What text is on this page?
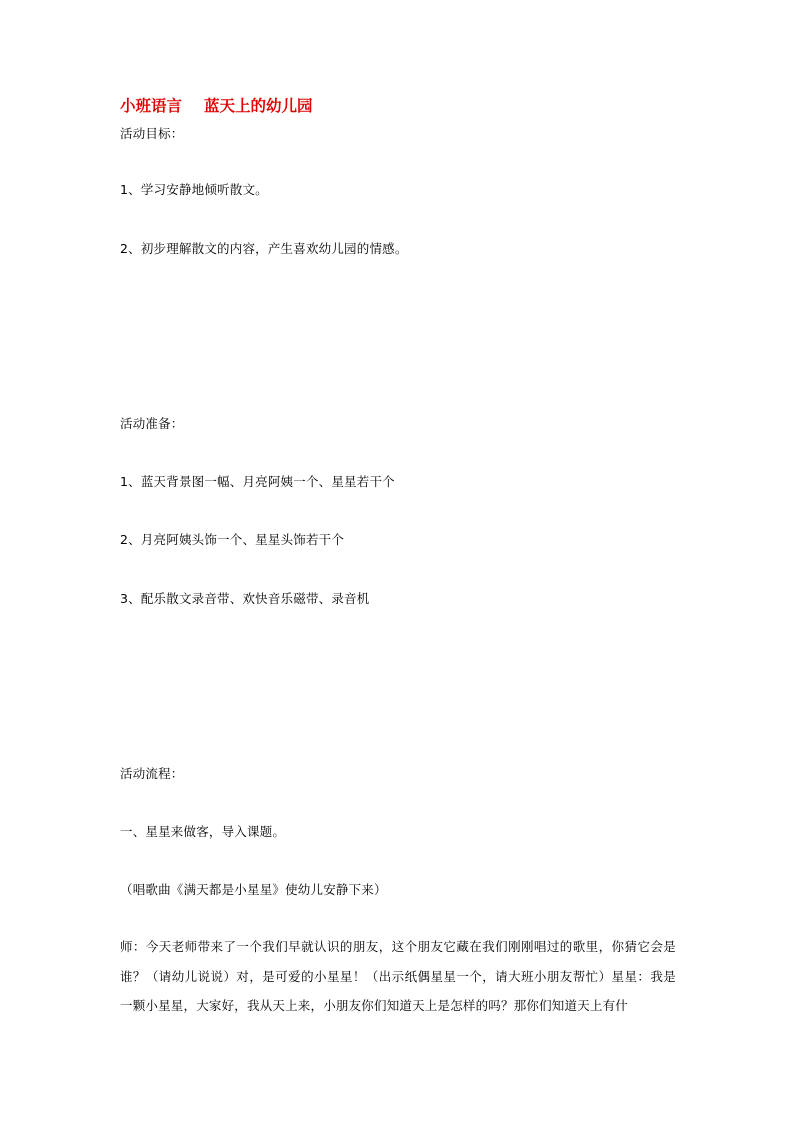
小班语言 蓝天上的幼儿园
活动目标：
1、学习安静地倾听散文。
2、初步理解散文的内容，产生喜欢幼儿园的情感。
活动准备：
1、蓝天背景图一幅、月亮阿姨一个、星星若干个
2、月亮阿姨头饰一个、星星头饰若干个
3、配乐散文录音带、欢快音乐磁带、录音机
活动流程：
一、星星来做客，导入课题。
（唱歌曲《满天都是小星星》使幼儿安静下来）
师：今天老师带来了一个我们早就认识的朋友，这个朋友它藏在我们刚刚唱过的歌里，你猜它会是谁？（请幼儿说说）对，是可爱的小星星！（出示纸偶星星一个，请大班小朋友帮忙）星星：我是一颗小星星，大家好，我从天上来，小朋友你们知道天上是怎样的吗？那你们知道天上有什
